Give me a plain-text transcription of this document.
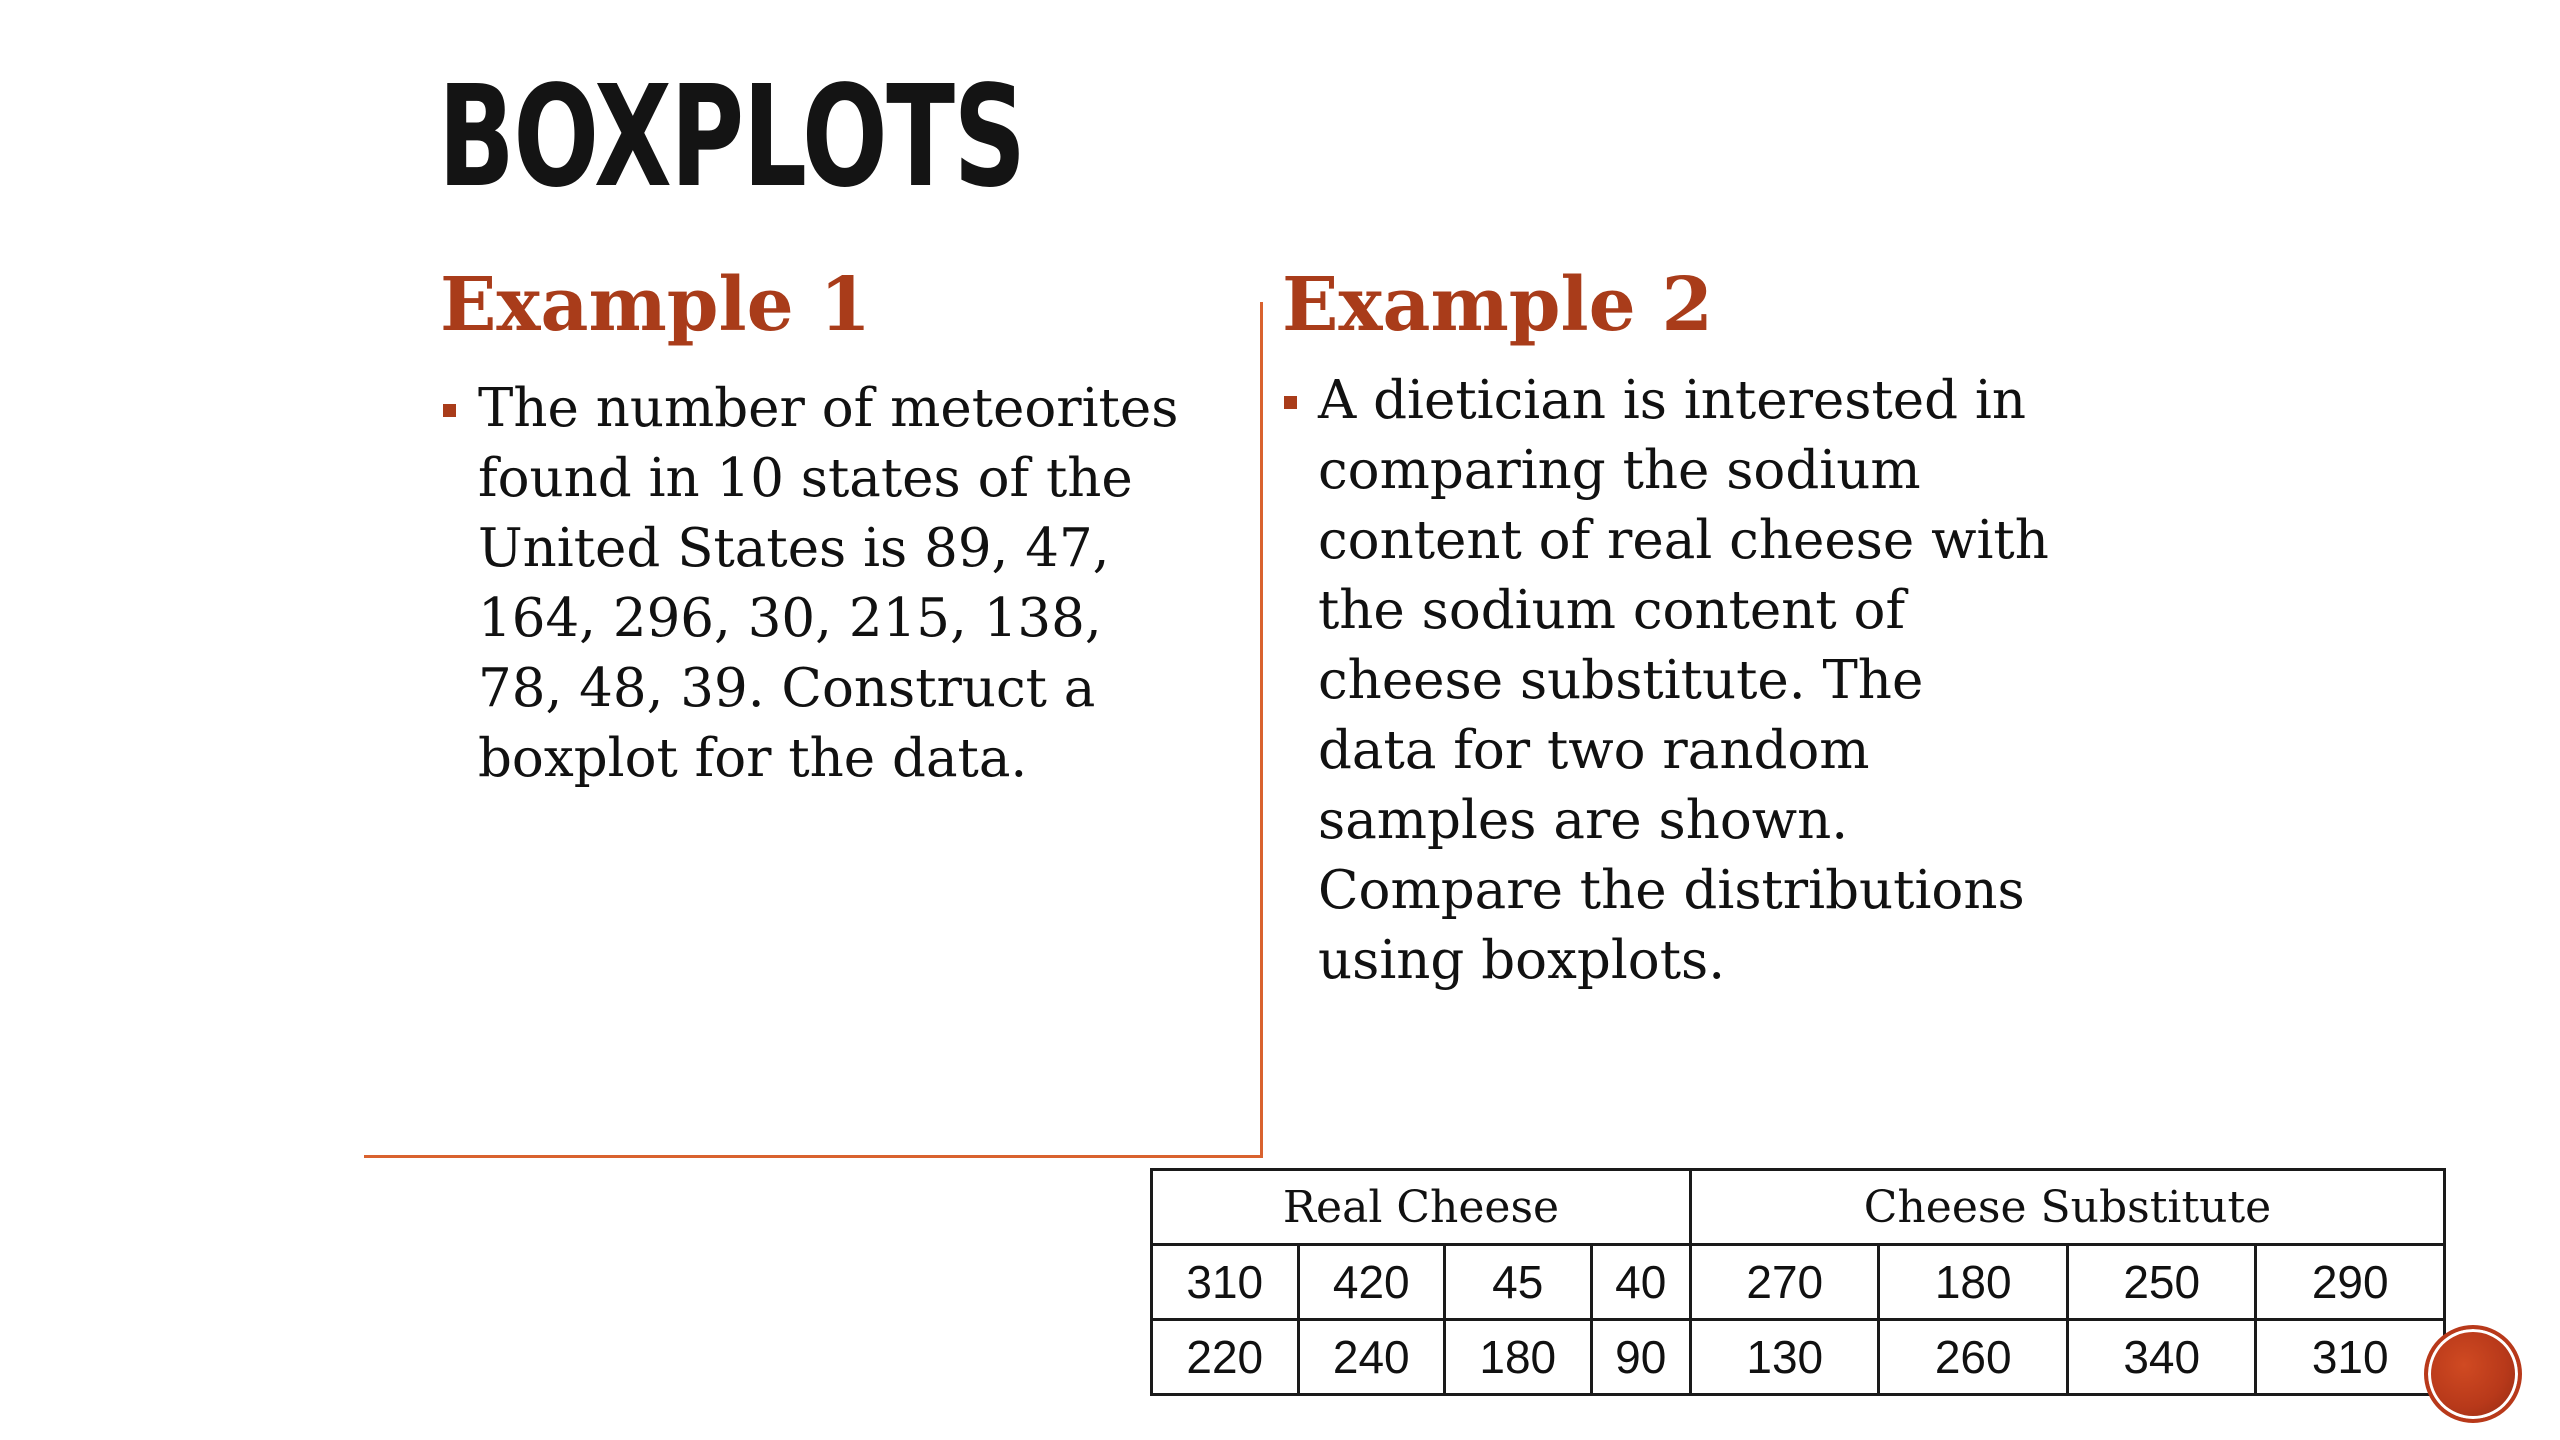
BOXPLOTS
Example 1
The number of meteorites found in 10 states of the United States is 89, 47, 164, 296, 30, 215, 138, 78, 48, 39. Construct a boxplot for the data.
Example 2
A dietician is interested in comparing the sodium content of real cheese with the sodium content of cheese substitute. The data for two random samples are shown. Compare the distributions using boxplots.
Real Cheese				Cheese Substitute			
310	420	45	40	270	180	250	290
220	240	180	90	130	260	340	310
